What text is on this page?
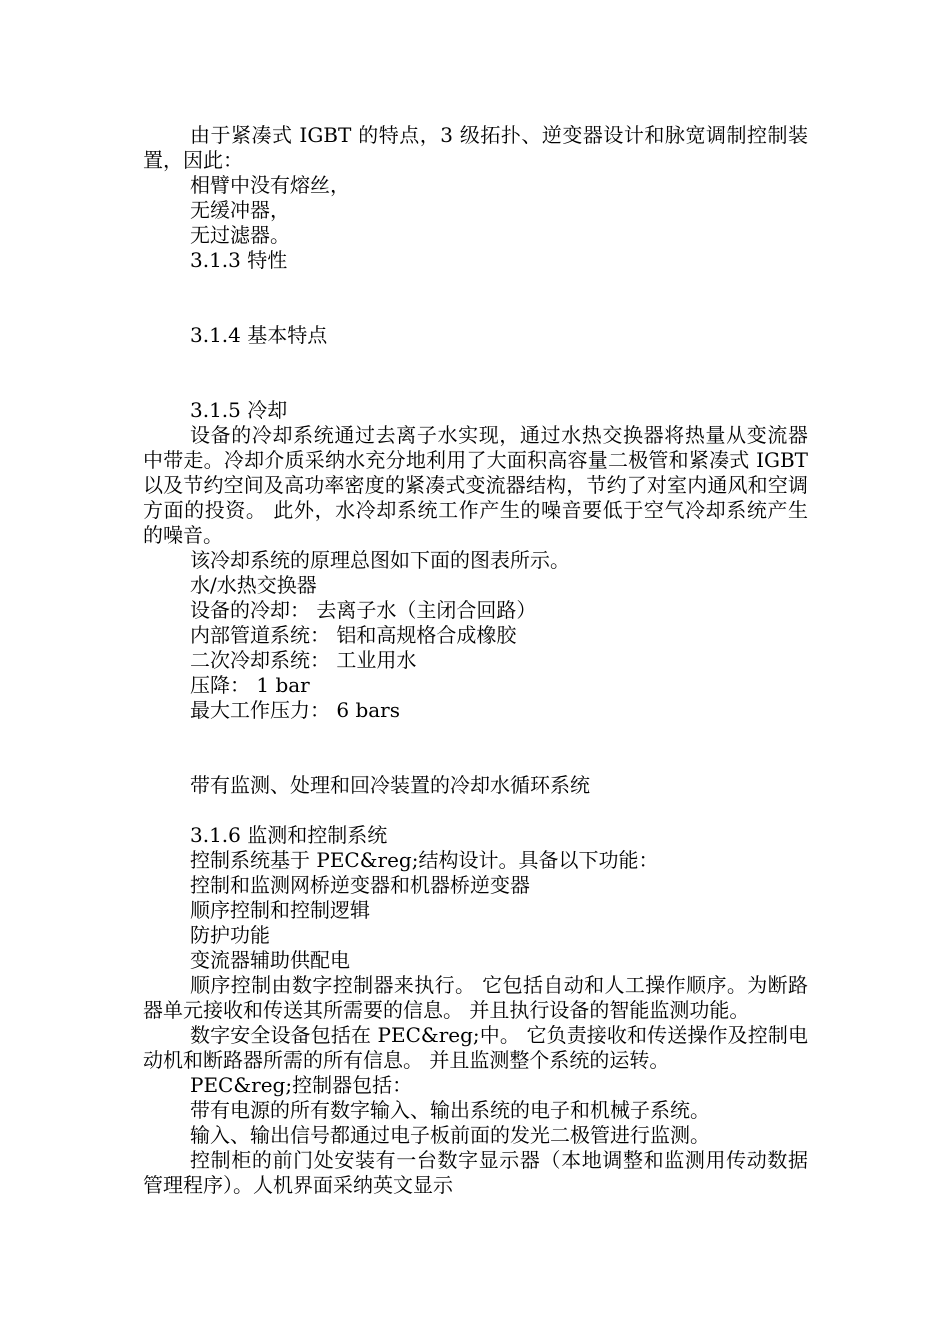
由于紧凑式 IGBT 的特点，3 级拓扑、逆变器设计和脉宽调制控制装置，因此：
相臂中没有熔丝，
无缓冲器，
无过滤器。
3.1.3 特性
3.1.4 基本特点
3.1.5 冷却
设备的冷却系统通过去离子水实现，通过水热交换器将热量从变流器中带走。冷却介质采纳水充分地利用了大面积高容量二极管和紧凑式 IGBT 以及节约空间及高功率密度的紧凑式变流器结构，节约了对室内通风和空调方面的投资。 此外，水冷却系统工作产生的噪音要低于空气冷却系统产生的噪音。
该冷却系统的原理总图如下面的图表所示。
水/水热交换器
设备的冷却： 去离子水（主闭合回路）
内部管道系统： 铝和高规格合成橡胶
二次冷却系统： 工业用水
压降： 1 bar
最大工作压力： 6 bars
带有监测、处理和回冷装置的冷却水循环系统
3.1.6 监测和控制系统
控制系统基于 PEC&reg;结构设计。具备以下功能：
控制和监测网桥逆变器和机器桥逆变器
顺序控制和控制逻辑
防护功能
变流器辅助供配电
顺序控制由数字控制器来执行。 它包括自动和人工操作顺序。为断路器单元接收和传送其所需要的信息。 并且执行设备的智能监测功能。
数字安全设备包括在 PEC&reg;中。 它负责接收和传送操作及控制电动机和断路器所需的所有信息。 并且监测整个系统的运转。
PEC&reg;控制器包括：
带有电源的所有数字输入、输出系统的电子和机械子系统。
输入、输出信号都通过电子板前面的发光二极管进行监测。
控制柜的前门处安装有一台数字显示器（本地调整和监测用传动数据管理程序）。人机界面采纳英文显示
